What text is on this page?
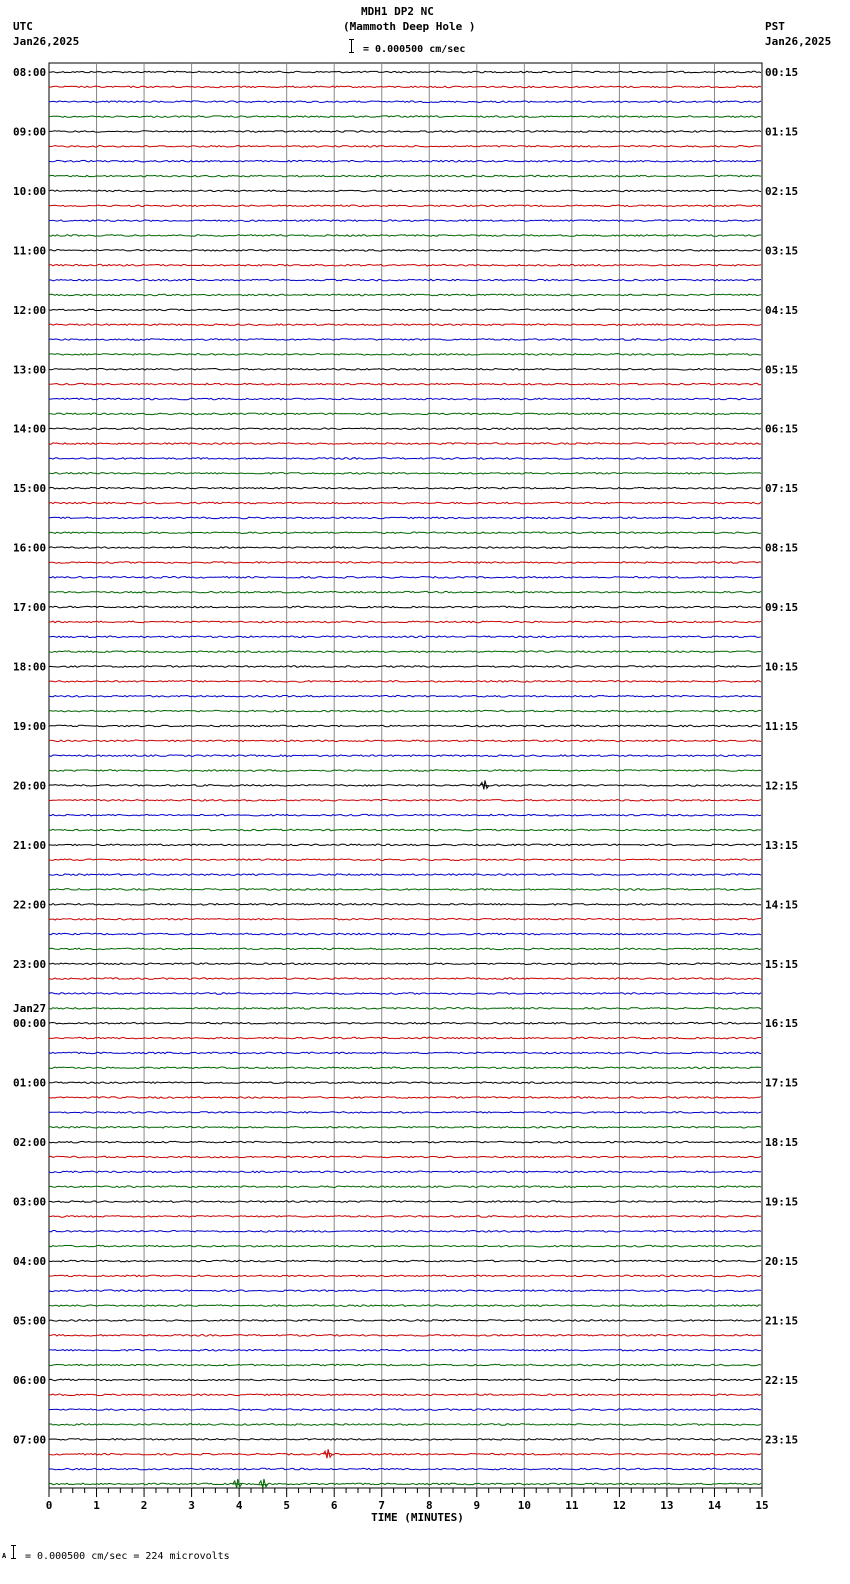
MDH1 DP2 NC
(Mammoth Deep Hole )
= 0.000500 cm/sec
UTC
Jan26,2025
PST
Jan26,2025
08:00
09:00
10:00
11:00
12:00
13:00
14:00
15:00
16:00
17:00
18:00
19:00
20:00
21:00
22:00
23:00
00:00
Jan27
01:00
02:00
03:00
04:00
05:00
06:00
07:00
00:15
01:15
02:15
03:15
04:15
05:15
06:15
07:15
08:15
09:15
10:15
11:15
12:15
13:15
14:15
15:15
16:15
17:15
18:15
19:15
20:15
21:15
22:15
23:15
0	1	2	3	4	5	6	7	8	9	10	11	12	13	14	15
TIME (MINUTES)
A = 0.000500 cm/sec = 224 microvolts
